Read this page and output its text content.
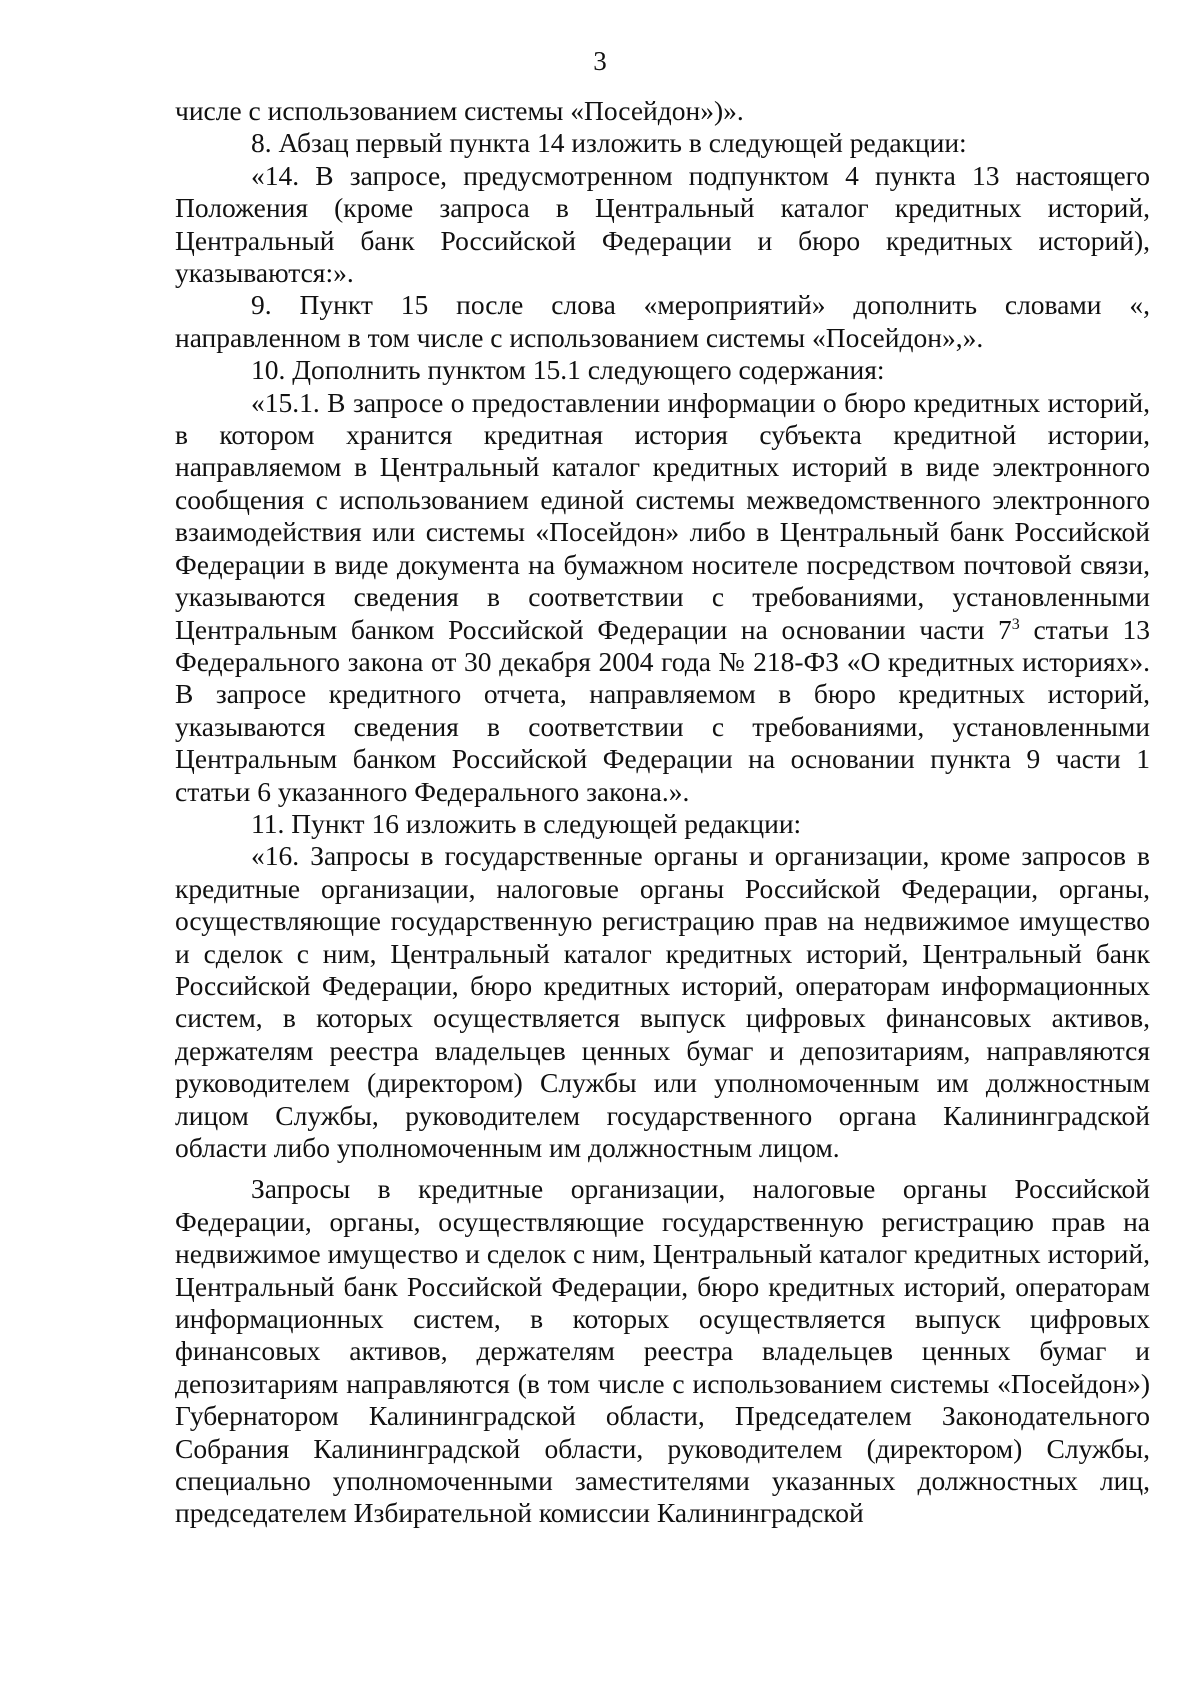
3

числе с использованием системы «Посейдон»)».

8. Абзац первый пункта 14 изложить в следующей редакции:

«14. В запросе, предусмотренном подпунктом 4 пункта 13 настоящего Положения (кроме запроса в Центральный каталог кредитных историй, Центральный банк Российской Федерации и бюро кредитных историй), указываются:».

9. Пункт 15 после слова «мероприятий» дополнить словами «, направленном в том числе с использованием системы «Посейдон»,».

10. Дополнить пунктом 15.1 следующего содержания:

«15.1. В запросе о предоставлении информации о бюро кредитных историй, в котором хранится кредитная история субъекта кредитной истории, направляемом в Центральный каталог кредитных историй в виде электронного сообщения с использованием единой системы межведомственного электронного взаимодействия или системы «Посейдон» либо в Центральный банк Российской Федерации в виде документа на бумажном носителе посредством почтовой связи, указываются сведения в соответствии с требованиями, установленными Центральным банком Российской Федерации на основании части $7^3$ статьи 13 Федерального закона от 30 декабря 2004 года № 218-ФЗ «О кредитных историях». В запросе кредитного отчета, направляемом в бюро кредитных историй, указываются сведения в соответствии с требованиями, установленными Центральным банком Российской Федерации на основании пункта 9 части 1 статьи 6 указанного Федерального закона.».

11. Пункт 16 изложить в следующей редакции:

«16. Запросы в государственные органы и организации, кроме запросов в кредитные организации, налоговые органы Российской Федерации, органы, осуществляющие государственную регистрацию прав на недвижимое имущество и сделок с ним, Центральный каталог кредитных историй, Центральный банк Российской Федерации, бюро кредитных историй, операторам информационных систем, в которых осуществляется выпуск цифровых финансовых активов, держателям реестра владельцев ценных бумаг и депозитариям, направляются руководителем (директором) Службы или уполномоченным им должностным лицом Службы, руководителем государственного органа Калининградской области либо уполномоченным им должностным лицом.

Запросы в кредитные организации, налоговые органы Российской Федерации, органы, осуществляющие государственную регистрацию прав на недвижимое имущество и сделок с ним, Центральный каталог кредитных историй, Центральный банк Российской Федерации, бюро кредитных историй, операторам информационных систем, в которых осуществляется выпуск цифровых финансовых активов, держателям реестра владельцев ценных бумаг и депозитариям направляются (в том числе с использованием системы «Посейдон») Губернатором Калининградской области, Председателем Законодательного Собрания Калининградской области, руководителем (директором) Службы, специально уполномоченными заместителями указанных должностных лиц, председателем Избирательной комиссии Калининградской
